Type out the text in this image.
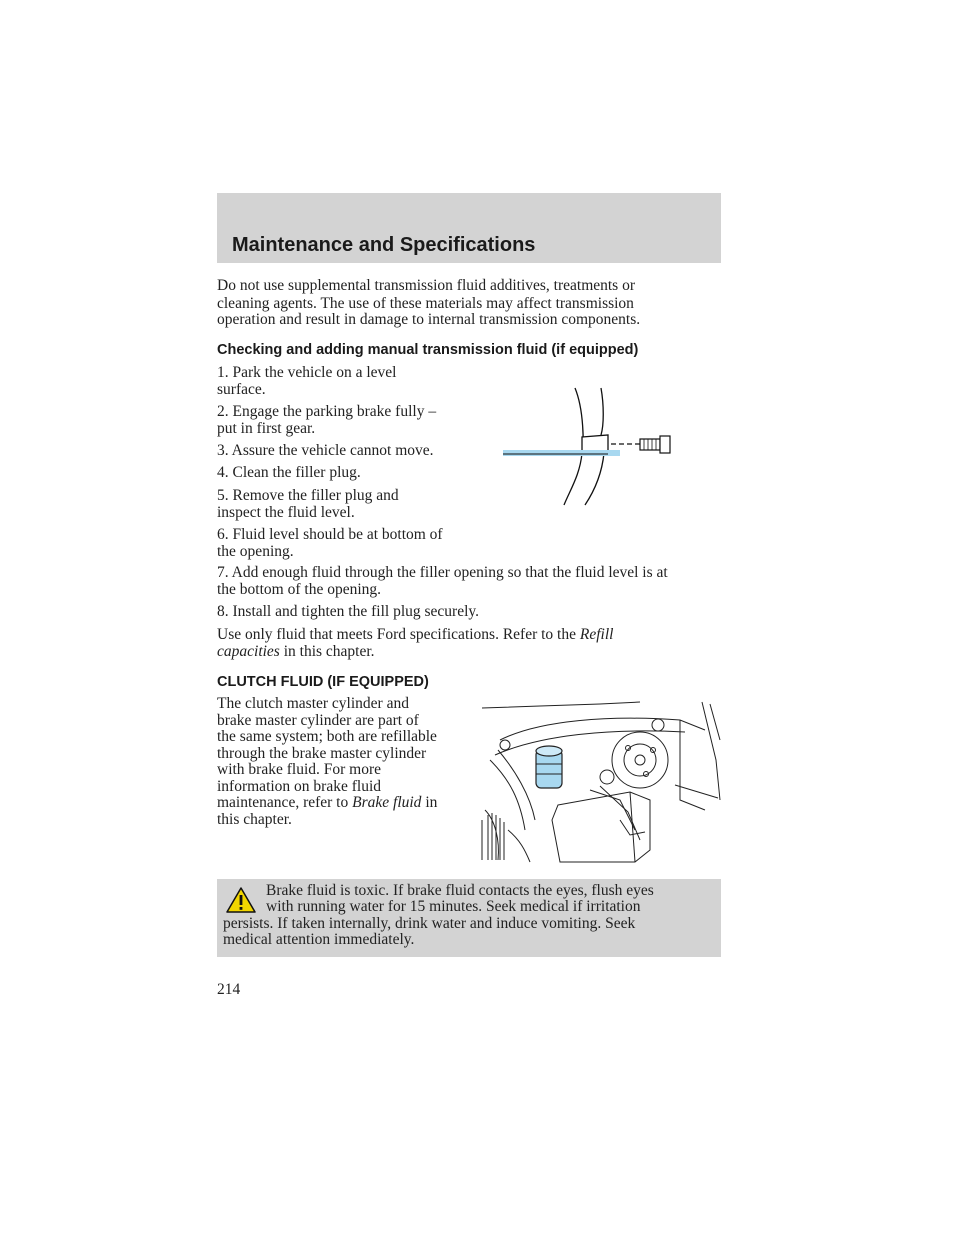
Maintenance and Specifications
Do not use supplemental transmission fluid additives, treatments or
cleaning agents. The use of these materials may affect transmission
operation and result in damage to internal transmission components.
Checking and adding manual transmission fluid (if equipped)
1. Park the vehicle on a level
surface.
2. Engage the parking brake fully –
put in first gear.
3. Assure the vehicle cannot move.
4. Clean the filler plug.
5. Remove the filler plug and
inspect the fluid level.
6. Fluid level should be at bottom of
the opening.
7. Add enough fluid through the filler opening so that the fluid level is at
the bottom of the opening.
8. Install and tighten the fill plug securely.
Use only fluid that meets Ford specifications. Refer to the Refill
capacities in this chapter.
CLUTCH FLUID (IF EQUIPPED)
The clutch master cylinder and
brake master cylinder are part of
the same system; both are refillable
through the brake master cylinder
with brake fluid. For more
information on brake fluid
maintenance, refer to Brake fluid in
this chapter.
Brake fluid is toxic. If brake fluid contacts the eyes, flush eyes
with running water for 15 minutes. Seek medical if irritation
persists. If taken internally, drink water and induce vomiting. Seek
medical attention immediately.
214
